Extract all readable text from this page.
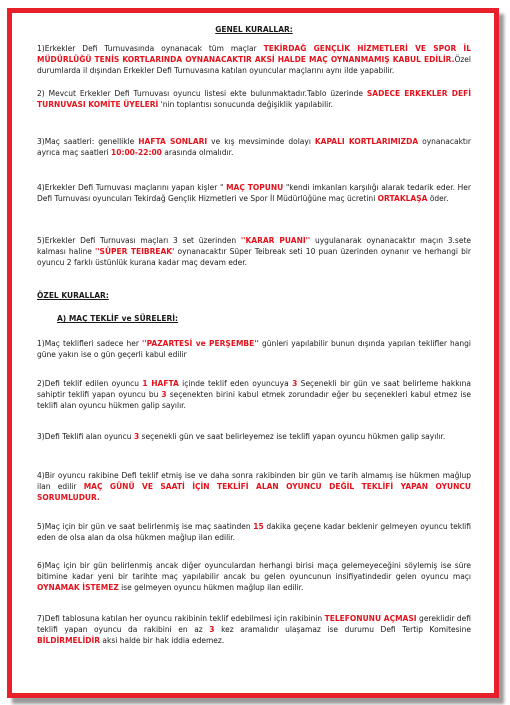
GENEL KURALLAR:

1)Erkekler Defi Turnuvasında oynanacak tüm maçlar TEKİRDAĞ GENÇLİK HİZMETLERİ VE SPOR İL MÜDÜRLÜĞÜ TENİS KORTLARINDA OYNANACAKTIR AKSİ HALDE MAÇ OYNANMAMIŞ KABUL EDİLİR.Özel durumlarda il dışından Erkekler Defi Turnuvasına katılan oyuncular maçlarını aynı ilde yapabilir.

2) Mevcut Erkekler Defi Turnuvası oyuncu listesi ekte bulunmaktadır.Tablo üzerinde SADECE ERKEKLER DEFİ TURNUVASI KOMİTE ÜYELERİ 'nin toplantısı sonucunda değişiklik yapılabilir.

3)Maç saatleri: genellikle HAFTA SONLARI ve kış mevsiminde dolayı KAPALI KORTLARIMIZDA oynanacaktır ayrıca maç saatleri 10:00-22:00 arasında olmalıdır.

4)Erkekler Defi Turnuvası maçlarını yapan kişler " MAÇ TOPUNU "kendi imkanları karşılığı alarak tedarik eder. Her Defi Turnuvası oyuncuları Tekirdağ Gençlik Hizmetleri ve Spor İl Müdürlüğüne maç ücretini ORTAKLAŞA öder.

5)Erkekler Defi Turnuvası maçları 3 set üzerinden ''KARAR PUANI'' uygulanarak oynanacaktır maçın 3.sete kalması haline ''SÜPER TEIBREAK' oynanacaktır Süper Teibreak seti 10 puan üzerinden oynanır ve herhangi bir oyuncu 2 farklı üstünlük kurana kadar maç devam eder.

ÖZEL KURALLAR:

A) MAÇ TEKLİF ve SÜRELERİ:

1)Maç teklifleri sadece her ''PAZARTESİ ve PERŞEMBE'' günleri yapılabilir bunun dışında yapılan teklifler hangi güne yakın ise o gün geçerli kabul edilir

2)Defi teklif edilen oyuncu 1 HAFTA içinde teklif eden oyuncuya 3 Seçenekli bir gün ve saat belirleme hakkına sahiptir teklifi yapan oyuncu bu 3 seçenekten birini kabul etmek zorundadır eğer bu seçenekleri kabul etmez ise teklifi alan oyuncu hükmen galip sayılır.

3)Defi Teklifi alan oyuncu 3 seçenekli gün ve saat belirleyemez ise teklifi yapan oyuncu hükmen galip sayılır.

4)Bir oyuncu rakibine Defi teklif etmiş ise ve daha sonra rakibinden bir gün ve tarih almamış ise hükmen mağlup ilan edilir MAÇ GÜNÜ VE SAATİ İÇİN TEKLİFİ ALAN OYUNCU DEĞİL TEKLİFİ YAPAN OYUNCU SORUMLUDUR.

5)Maç için bir gün ve saat belirlenmiş ise maç saatinden 15 dakika geçene kadar beklenir gelmeyen oyuncu teklifi eden de olsa alan da olsa hükmen mağlup ilan edilir.

6)Maç için bir gün belirlenmiş ancak diğer oyunculardan herhangi birisi maça gelemeyeceğini söylemiş ise süre bitimine kadar yeni bir tarihte maç yapılabilir ancak bu gelen oyuncunun insifiyatindedir gelen oyuncu maçı OYNAMAK İSTEMEZ ise gelmeyen oyuncu hükmen mağlup ilan edilir.

7)Defi tablosuna katılan her oyuncu rakibinin teklif edebilmesi için rakibinin TELEFONUNU AÇMASI gereklidir defi teklifi yapan oyuncu da rakibini en az 3 kez aramalıdır ulaşamaz ise durumu Defi Tertip Komitesine BİLDİRMELİDİR aksi halde bir hak iddia edemez.
